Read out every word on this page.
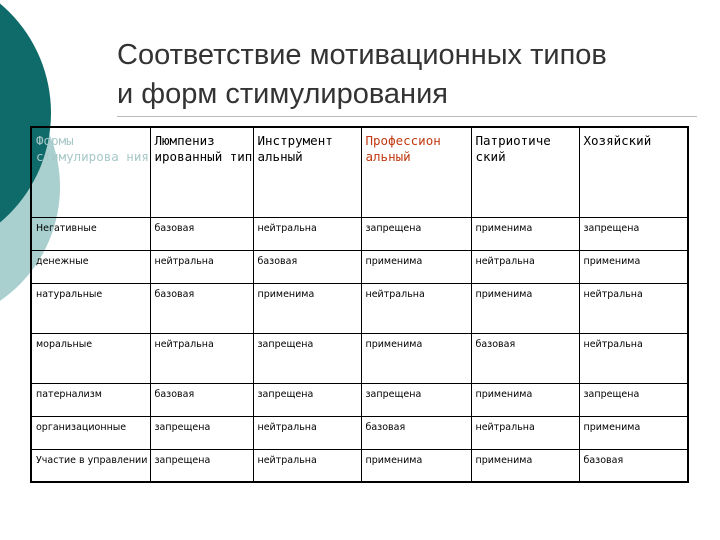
Соответствие мотивационных типов
и форм стимулирования
Формы стимулирова ния	Люмпениз ированный тип	Инструмент альный	Профессион альный	Патриотиче ский	Хозяйский
Негативные	базовая	нейтральна	запрещена	применима	запрещена
денежные	нейтральна	базовая	применима	нейтральна	применима
натуральные	базовая	применима	нейтральна	применима	нейтральна
моральные	нейтральна	запрещена	применима	базовая	нейтральна
патернализм	базовая	запрещена	запрещена	применима	запрещена
организационные	запрещена	нейтральна	базовая	нейтральна	применима
Участие в управлении	запрещена	нейтральна	применима	применима	базовая
